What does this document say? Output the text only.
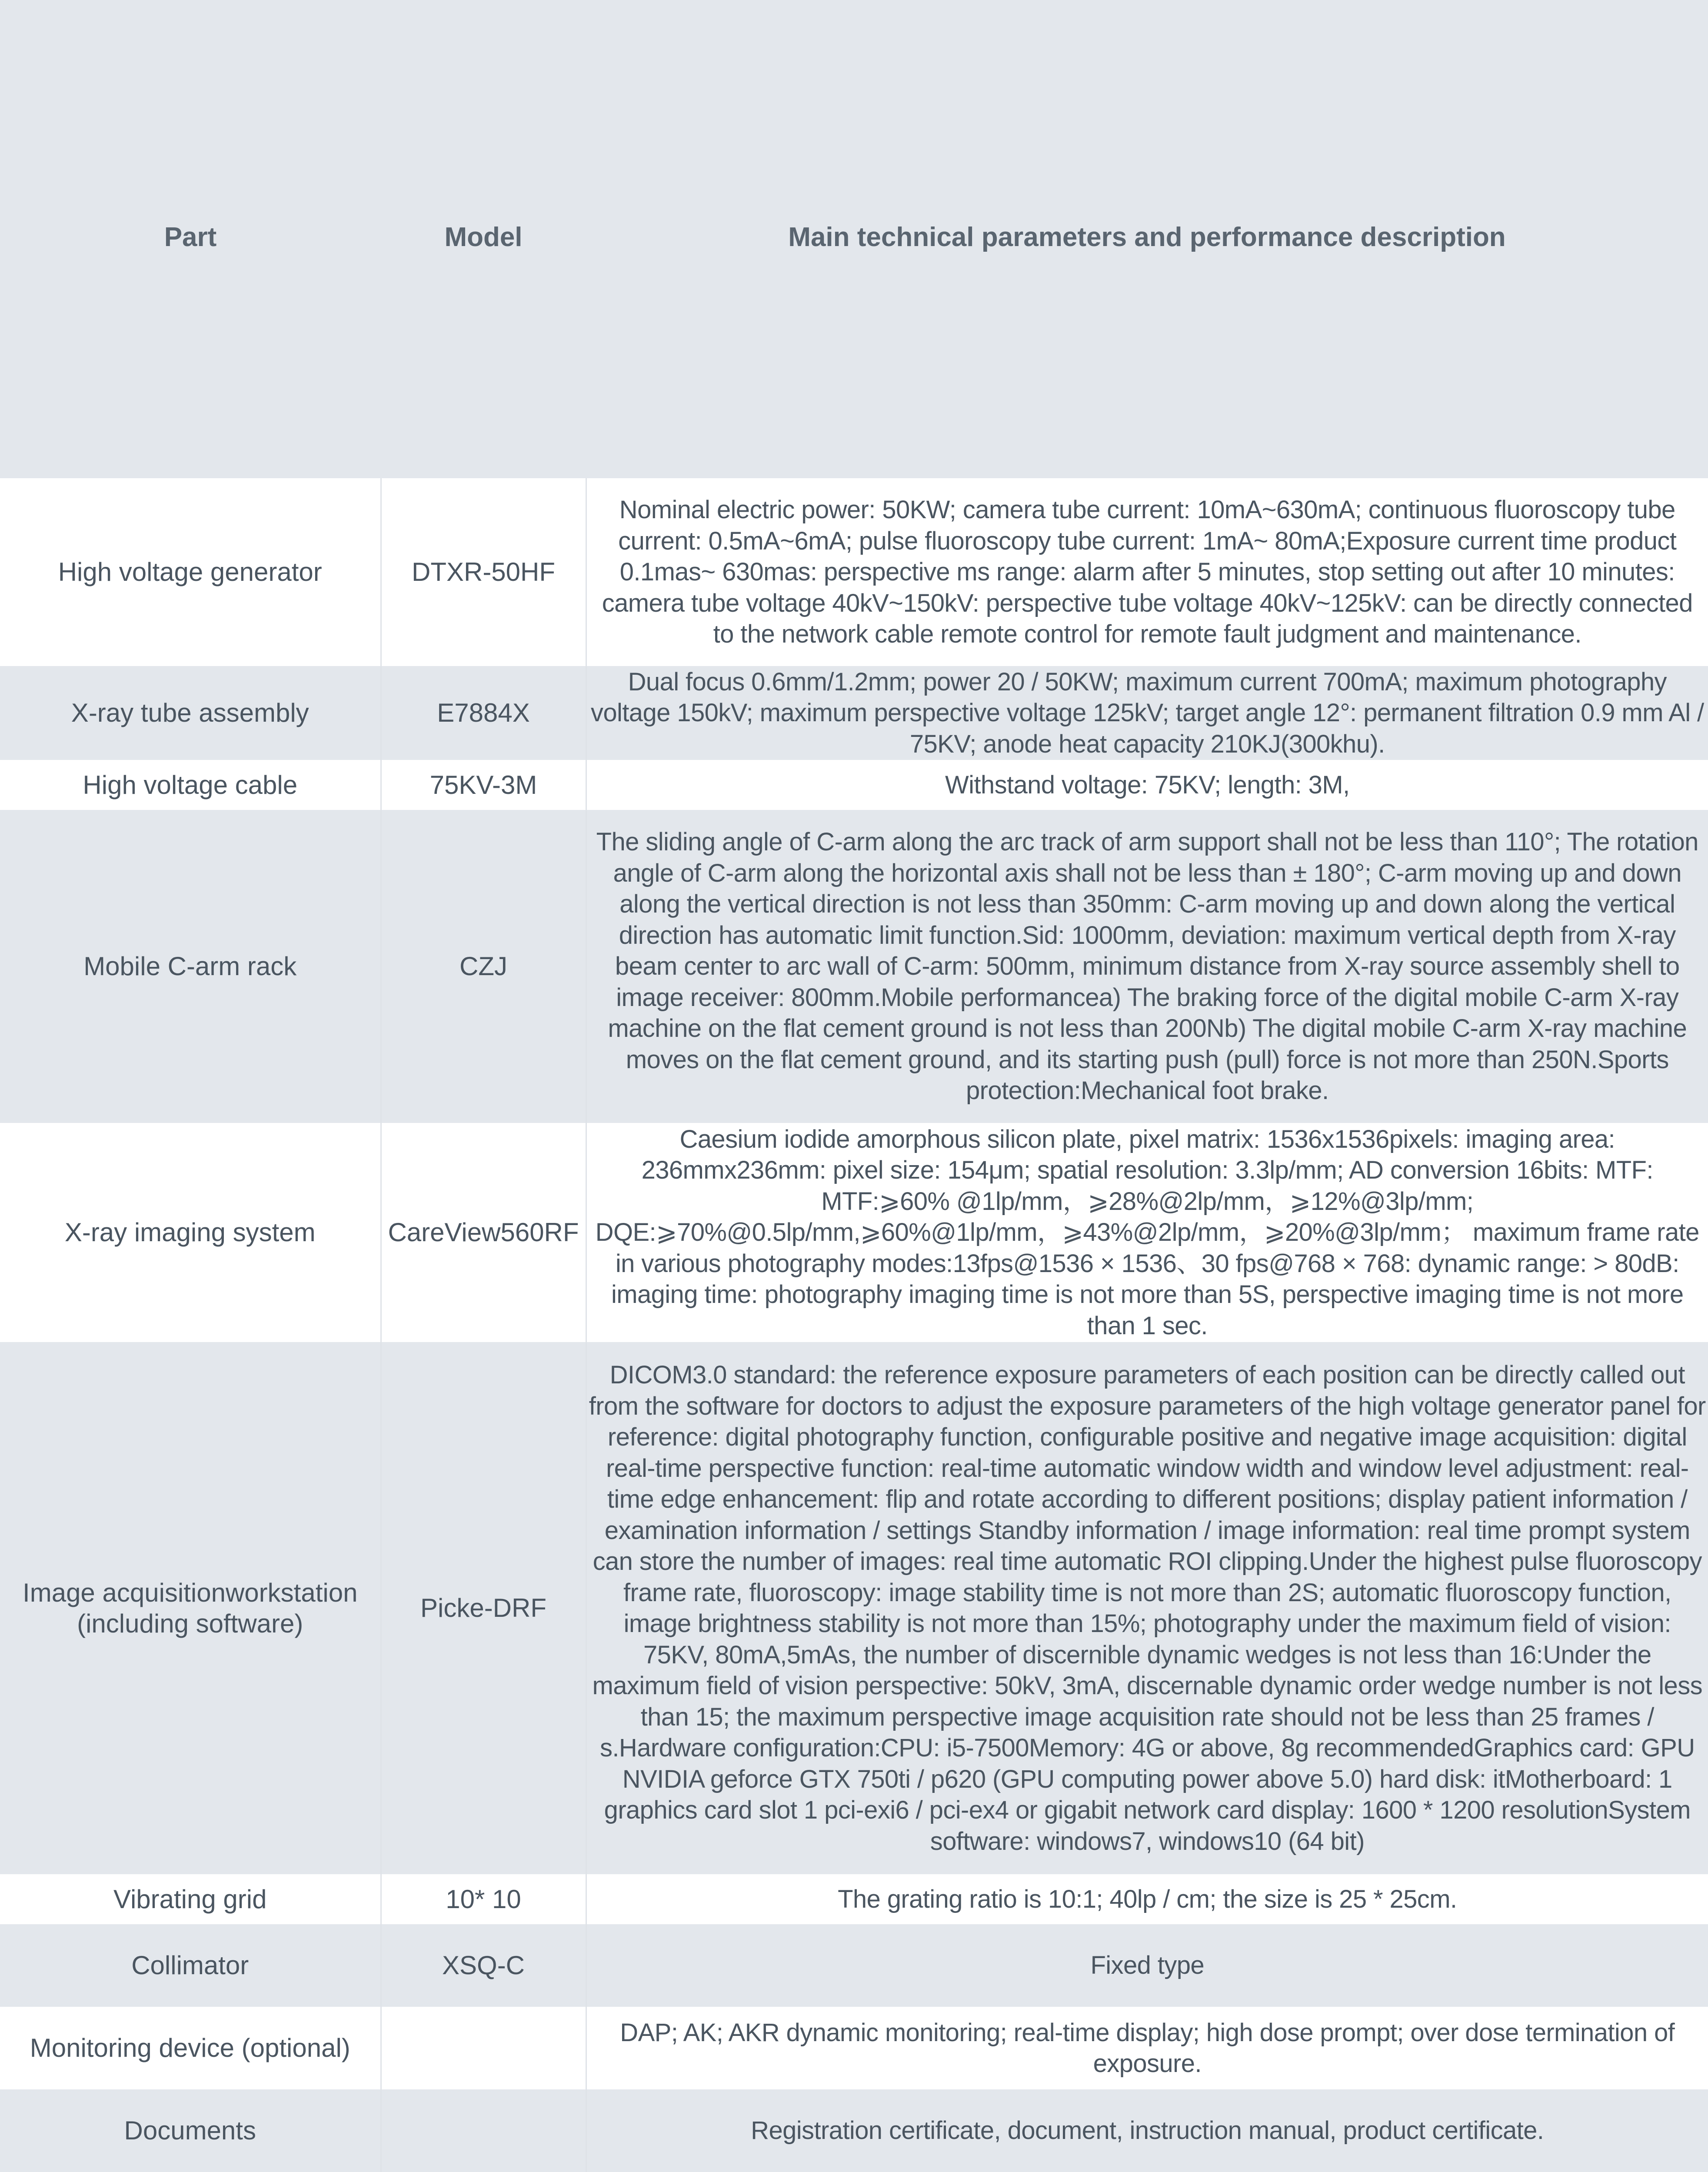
Part	Model	Main technical parameters and performance description
High voltage generator	DTXR-50HF	Nominal electric power: 50KW; camera tube current: 10mA~630mA; continuous fluoroscopy tube current: 0.5mA~6mA; pulse fluoroscopy tube current: 1mA~ 80mA;Exposure current time product 0.1mas~ 630mas: perspective ms range: alarm after 5 minutes, stop setting out after 10 minutes: camera tube voltage 40kV~150kV: perspective tube voltage 40kV~125kV: can be directly connected to the network cable remote control for remote fault judgment and maintenance.
X-ray tube assembly	E7884X	Dual focus 0.6mm/1.2mm; power 20 / 50KW; maximum current 700mA; maximum photography voltage 150kV; maximum perspective voltage 125kV; target angle 12°: permanent filtration 0.9 mm Al / 75KV; anode heat capacity 210KJ(300khu).
High voltage cable	75KV-3M	Withstand voltage: 75KV; length: 3M,
Mobile C-arm rack	CZJ	The sliding angle of C-arm along the arc track of arm support shall not be less than 110°; The rotation angle of C-arm along the horizontal axis shall not be less than ± 180°; C-arm moving up and down along the vertical direction is not less than 350mm: C-arm moving up and down along the vertical direction has automatic limit function.Sid: 1000mm, deviation: maximum vertical depth from X-ray beam center to arc wall of C-arm: 500mm, minimum distance from X-ray source assembly shell to image receiver: 800mm.Mobile performancea) The braking force of the digital mobile C-arm X-ray machine on the flat cement ground is not less than 200Nb) The digital mobile C-arm X-ray machine moves on the flat cement ground, and its starting push (pull) force is not more than 250N.Sports protection:Mechanical foot brake.
X-ray imaging system	CareView560RF	Caesium iodide amorphous silicon plate, pixel matrix: 1536x1536pixels: imaging area: 236mmx236mm: pixel size: 154μm; spatial resolution: 3.3lp/mm; AD conversion 16bits: MTF: MTF:⩾60% @1lp/mm，⩾28%@2lp/mm，⩾12%@3lp/mm; DQE:⩾70%@0.5lp/mm,⩾60%@1lp/mm，⩾43%@2lp/mm，⩾20%@3lp/mm； maximum frame rate in various photography modes:13fps@1536 × 1536、30 fps@768 × 768: dynamic range: > 80dB: imaging time: photography imaging time is not more than 5S, perspective imaging time is not more than 1 sec.
Image acquisitionworkstation (including software)	Picke-DRF	DICOM3.0 standard: the reference exposure parameters of each position can be directly called out from the software for doctors to adjust the exposure parameters of the high voltage generator panel for reference: digital photography function, configurable positive and negative image acquisition: digital real-time perspective function: real-time automatic window width and window level adjustment: real-time edge enhancement: flip and rotate according to different positions; display patient information / examination information / settings Standby information / image information: real time prompt system can store the number of images: real time automatic ROI clipping.Under the highest pulse fluoroscopy frame rate, fluoroscopy: image stability time is not more than 2S; automatic fluoroscopy function, image brightness stability is not more than 15%; photography under the maximum field of vision: 75KV, 80mA,5mAs, the number of discernible dynamic wedges is not less than 16:Under the maximum field of vision perspective: 50kV, 3mA, discernable dynamic order wedge number is not less than 15; the maximum perspective image acquisition rate should not be less than 25 frames / s.Hardware configuration:CPU: i5-7500Memory: 4G or above, 8g recommendedGraphics card: GPU NVIDIA geforce GTX 750ti / p620 (GPU computing power above 5.0) hard disk: itMotherboard: 1 graphics card slot 1 pci-exi6 / pci-ex4 or gigabit network card display: 1600 * 1200 resolutionSystem software: windows7, windows10 (64 bit)
Vibrating grid	10* 10	The grating ratio is 10:1; 40lp / cm; the size is 25 * 25cm.
Collimator	XSQ-C	Fixed type
Monitoring device (optional)		DAP; AK; AKR dynamic monitoring; real-time display; high dose prompt; over dose termination of exposure.
Documents		Registration certificate, document, instruction manual, product certificate.
